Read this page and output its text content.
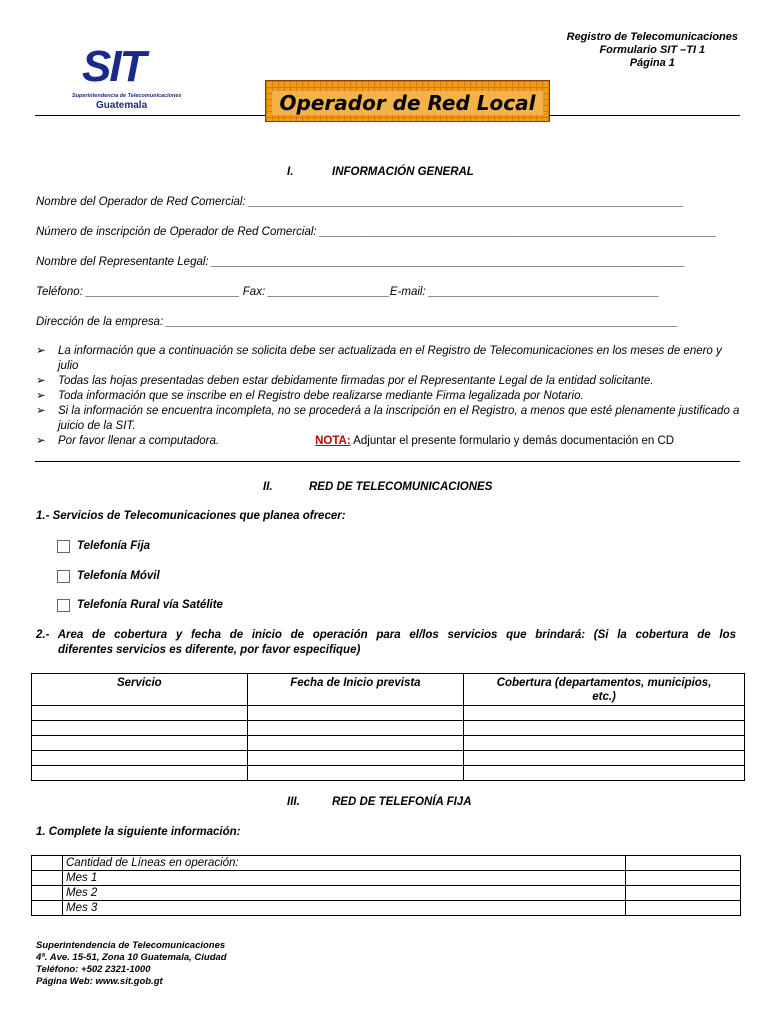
Registro de Telecomunicaciones
Formulario SIT –TI 1
Página 1
SIT
Superintendencia de Telecomunicaciones
Guatemala	Operador de Red Local
I.	INFORMACIÓN GENERAL
Nombre del Operador de Red Comercial: ____________________________________________________________________
Número de inscripción de Operador de Red Comercial: ______________________________________________________________
Nombre del Representante Legal: __________________________________________________________________________
Teléfono: ________________________ Fax: ___________________E-mail: ____________________________________
Dirección de la empresa: ________________________________________________________________________________
➢ La información que a continuación se solicita debe ser actualizada en el Registro de Telecomunicaciones en los meses de enero y julio
➢ Todas las hojas presentadas deben estar debidamente firmadas por el Representante Legal de la entidad solicitante.
➢ Toda información que se inscribe en el Registro debe realizarse mediante Firma legalizada por Notario.
➢ Si la información se encuentra incompleta, no se procederá a la inscripción en el Registro, a menos que esté plenamente justificado a juicio de la SIT.
➢ Por favor llenar a computadora.	NOTA: Adjuntar el presente formulario y demás documentación en CD
II.	RED DE TELECOMUNICACIONES
1.- Servicios de Telecomunicaciones que planea ofrecer:
Telefonía Fija
Telefonía Móvil
Telefonía Rural vía Satélite
2.- Area de cobertura y fecha de inicio de operación para el/los servicios que brindará: (Si la cobertura de los
diferentes servicios es diferente, por favor especifique)
Servicio	Fecha de Inicio prevista	Cobertura (departamentos, municipios, etc.)

III.	RED DE TELEFONÍA FIJA
1. Complete la siguiente información:
	Cantidad de Líneas en operación:	
	Mes 1	
	Mes 2	
	Mes 3	
Superintendencia de Telecomunicaciones
4ª. Ave. 15-51, Zona 10 Guatemala, Ciudad
Teléfono: +502 2321-1000
Página Web: www.sit.gob.gt
